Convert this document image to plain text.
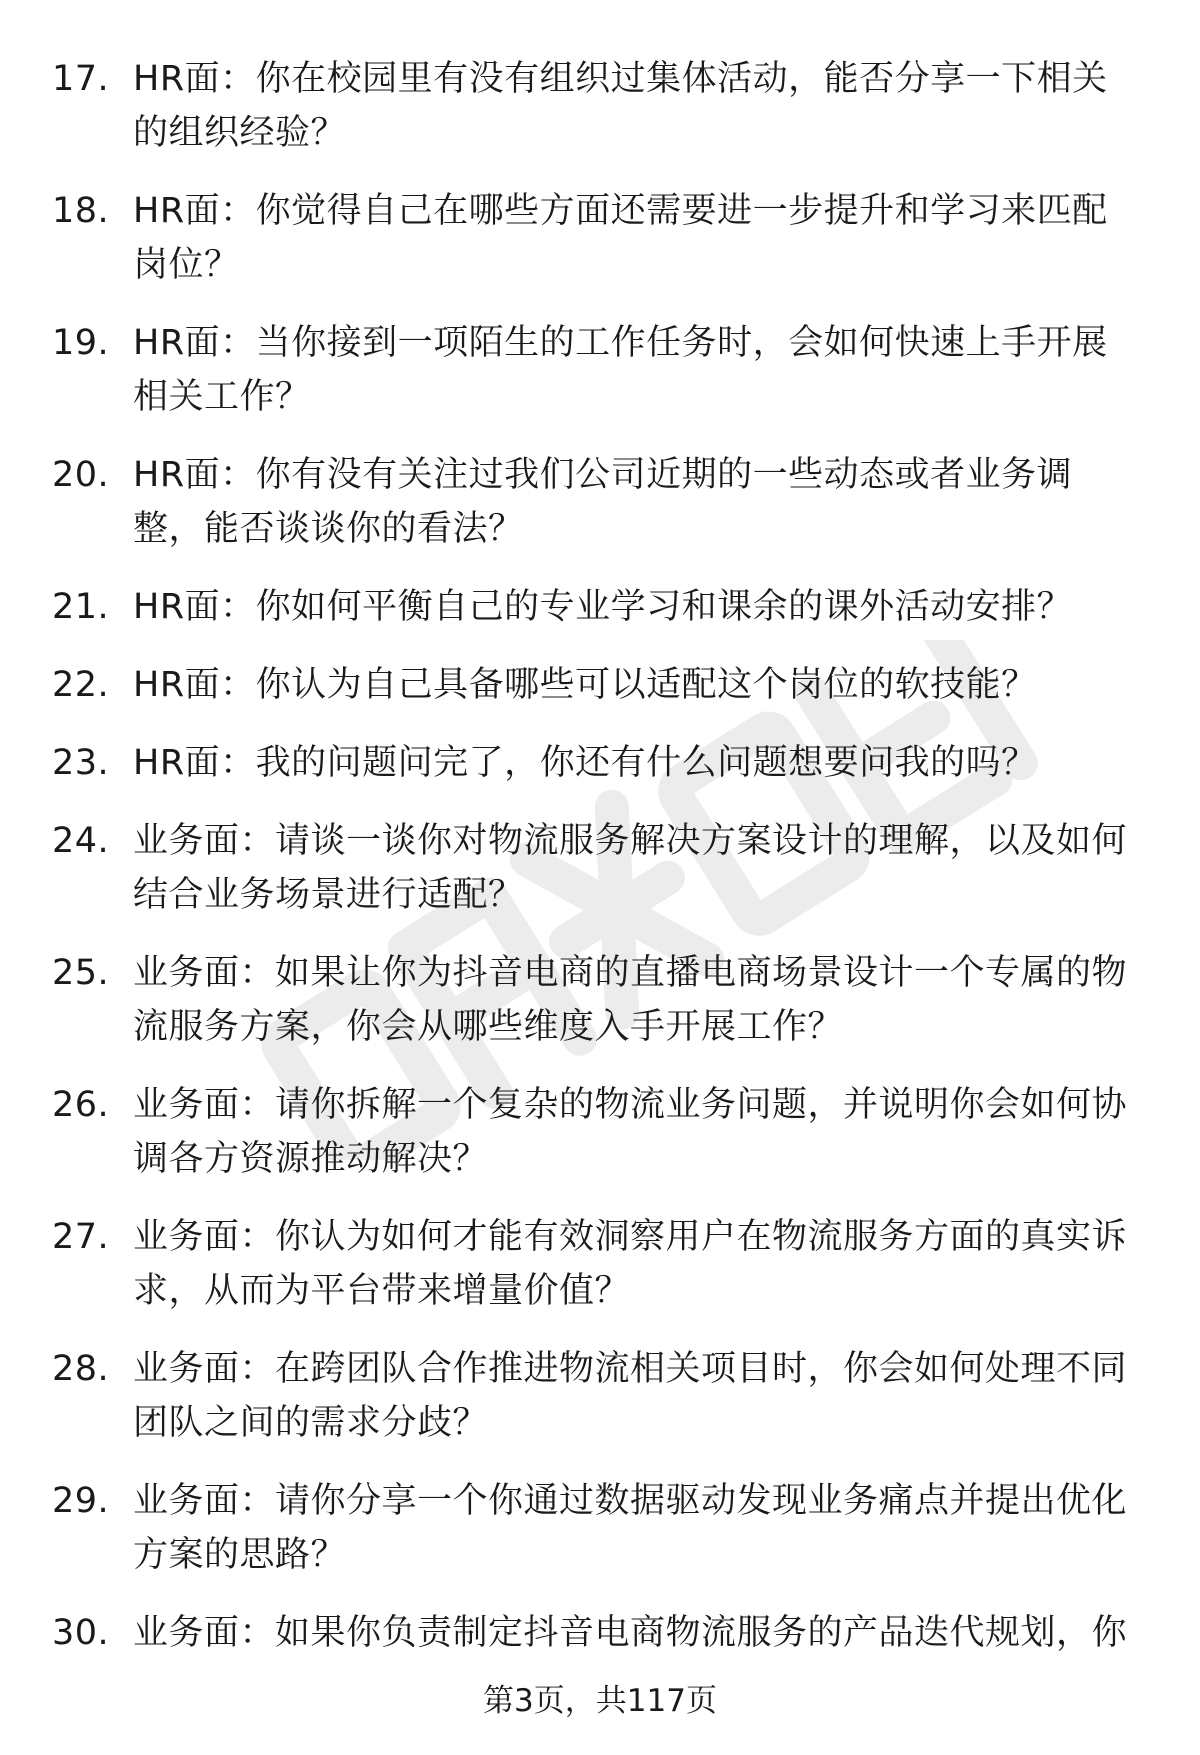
17. HR面：你在校园里有没有组织过集体活动，能否分享一下相关的组织经验？
18. HR面：你觉得自己在哪些方面还需要进一步提升和学习来匹配岗位？
19. HR面：当你接到一项陌生的工作任务时，会如何快速上手开展相关工作？
20. HR面：你有没有关注过我们公司近期的一些动态或者业务调整，能否谈谈你的看法？
21. HR面：你如何平衡自己的专业学习和课余的课外活动安排？
22. HR面：你认为自己具备哪些可以适配这个岗位的软技能？
23. HR面：我的问题问完了，你还有什么问题想要问我的吗？
24. 业务面：请谈一谈你对物流服务解决方案设计的理解，以及如何结合业务场景进行适配？
25. 业务面：如果让你为抖音电商的直播电商场景设计一个专属的物流服务方案，你会从哪些维度入手开展工作？
26. 业务面：请你拆解一个复杂的物流业务问题，并说明你会如何协调各方资源推动解决？
27. 业务面：你认为如何才能有效洞察用户在物流服务方面的真实诉求，从而为平台带来增量价值？
28. 业务面：在跨团队合作推进物流相关项目时，你会如何处理不同团队之间的需求分歧？
29. 业务面：请你分享一个你通过数据驱动发现业务痛点并提出优化方案的思路？
30. 业务面：如果你负责制定抖音电商物流服务的产品迭代规划，你
第3页，共117页
